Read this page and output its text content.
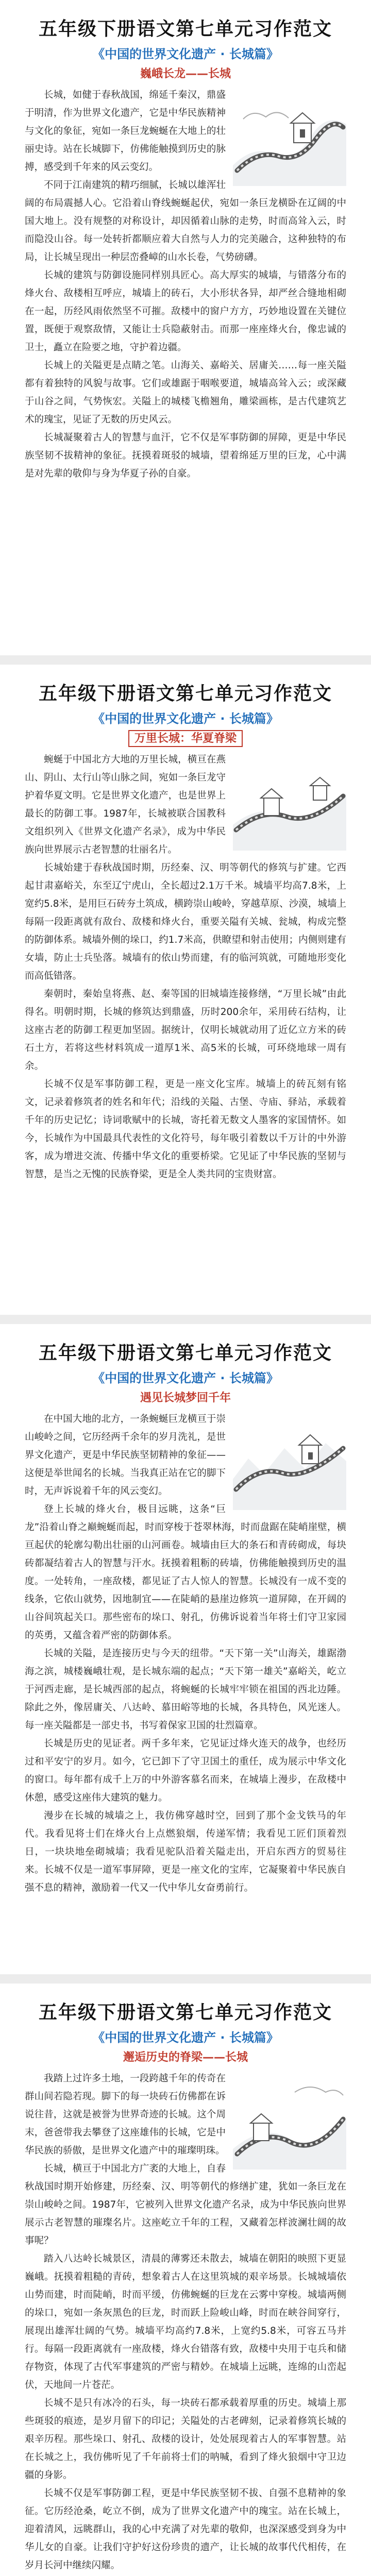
五年级下册语文第七单元习作范文
《中国的世界文化遗产 · 长城篇》
巍峨长龙——长城

长城，如健于春秋战国，绵延千秦汉，鼎盛于明清，作为世界文化遗产，它是中华民族精神与文化的象征，宛如一条巨龙蜿蜒在大地上的壮丽史诗。站在长城脚下，仿佛能触摸到历史的脉搏，感受到千年来的风云变幻。

不同于江南建筑的精巧细腻，长城以雄浑壮阔的布局震撼人心。它沿着山脊线蜿蜒起伏，宛如一条巨龙横卧在辽阔的中国大地上。没有规整的对称设计，却因循着山脉的走势，时而高耸入云，时而隐没山谷。每一处转折都顺应着大自然与人力的完美融合，这种独特的布局，让长城呈现出一种层峦叠嶂的山水长卷，气势磅礴。

长城的建筑与防御设施同样别具匠心。高大厚实的城墙，与错落分布的烽火台、敌楼相互呼应，城墙上的砖石，大小形状各异，却严丝合缝地相砌在一起，历经风雨依然坚不可摧。敌楼中的窗户方方，巧妙地设置在关键位置，既便于观察敌情，又能让士兵隐蔽射击。而那一座座烽火台，像忠诚的卫士，矗立在险要之地，守护着边疆。

长城上的关隘更是点睛之笔。山海关、嘉峪关、居庸关……每一座关隘都有着独特的风貌与故事。它们或雄踞于咽喉要道，城墙高耸入云；或深藏于山谷之间，气势恢宏。关隘上的城楼飞檐翘角，雕梁画栋，是古代建筑艺术的瑰宝，见证了无数的历史风云。

长城凝聚着古人的智慧与血汗，它不仅是军事防御的屏障，更是中华民族坚韧不拔精神的象征。抚摸着斑驳的城墙，望着绵延万里的巨龙，心中满是对先辈的敬仰与身为华夏子孙的自豪。

五年级下册语文第七单元习作范文
《中国的世界文化遗产 · 长城篇》
万里长城：华夏脊梁

蜿蜒于中国北方大地的万里长城，横亘在燕山、阴山、太行山等山脉之间，宛如一条巨龙守护着华夏文明。它是世界文化遗产，也是世界上最长的防御工事。1987年，长城被联合国教科文组织列入《世界文化遗产名录》，成为中华民族向世界展示古老智慧的壮丽名片。

长城始建于春秋战国时期，历经秦、汉、明等朝代的修筑与扩建。它西起甘肃嘉峪关，东至辽宁虎山，全长超过2.1万千米。城墙平均高7.8米，上宽约5.8米，是用巨石砖夯土筑成，横跨崇山峻岭，穿越草原、沙漠，城墙上每隔一段距离就有敌台、敌楼和烽火台，重要关隘有关城、瓮城，构成完整的防御体系。城墙外侧的垛口，约1.7米高，供瞭望和射击使用；内侧则建有女墙，防止士兵坠落。城墙有的依山势而建，有的临河筑就，可随地形变化而高低错落。

秦朝时，秦始皇将燕、赵、秦等国的旧城墙连接修缮，“万里长城”由此得名。明朝时期，长城的修筑达到鼎盛，历时200余年，采用砖石结构，让这座古老的防御工程更加坚固。据统计，仅明长城就动用了近亿立方米的砖石土方，若将这些材料筑成一道厚1米、高5米的长城，可环绕地球一周有余。

长城不仅是军事防御工程，更是一座文化宝库。城墙上的砖瓦刻有铭文，记录着修筑者的姓名和年代；沿线的关隘、古堡、寺庙、驿站，承载着千年的历史记忆；诗词歌赋中的长城，寄托着无数文人墨客的家国情怀。如今，长城作为中国最具代表性的文化符号，每年吸引着数以千万计的中外游客，成为增进交流、传播中华文化的重要桥梁。它见证了中华民族的坚韧与智慧，是当之无愧的民族脊梁，更是全人类共同的宝贵财富。

五年级下册语文第七单元习作范文
《中国的世界文化遗产 · 长城篇》
遇见长城梦回千年

在中国大地的北方，一条蜿蜒巨龙横亘于崇山峻岭之间，它历经两千余年的岁月洗礼，是世界文化遗产，更是中华民族坚韧精神的象征——这便是举世闻名的长城。当我真正站在它的脚下时，无声诉说着千年的风云变幻。

登上长城的烽火台，极目远眺，这条“巨龙”沿着山脊之巅蜿蜒而起，时而穿梭于苍翠林海，时而盘踞在陡峭崖壁，横亘起伏的轮廓勾勒出壮丽的山河画卷。城墙由巨大的条石和青砖砌成，每块砖都凝结着古人的智慧与汗水。抚摸着粗粝的砖墙，仿佛能触摸到历史的温度。一处转角，一座敌楼，都见证了古人惊人的智慧。长城没有一成不变的线条，它依山就势，因地制宜——在陡峭的悬崖边修筑一道屏障，在开阔的山谷间筑起关口。那些密布的垛口、射孔，仿佛诉说着当年将士们守卫家园的英勇，又蕴含着严密的防御体系。

长城的关隘，是连接历史与今天的纽带。“天下第一关”山海关，雄踞渤海之滨，城楼巍峨壮观，是长城东端的起点；“天下第一雄关”嘉峪关，屹立于河西走廊，是长城西部的起点，将蜿蜒的长城牢牢锁在祖国的西北边陲。除此之外，像居庸关、八达岭、慕田峪等地的长城，各具特色，风光迷人。每一座关隘都是一部史书，书写着保家卫国的壮烈篇章。

长城是历史的见证者。两千多年来，它见证过烽火连天的战争，也经历过和平安宁的岁月。如今，它已卸下了守卫国土的重任，成为展示中华文化的窗口。每年都有成千上万的中外游客慕名而来，在城墙上漫步，在敌楼中休憩，感受这座伟大建筑的魅力。

漫步在长城的城墙之上，我仿佛穿越时空，回到了那个金戈铁马的年代。我看见将士们在烽火台上点燃狼烟，传递军情；我看见工匠们顶着烈日，一块块地垒砌城墙；我看见驼队沿着关隘走出，开启东西方的贸易往来。长城不仅是一道军事屏障，更是一座文化的宝库，它凝聚着中华民族自强不息的精神，激励着一代又一代中华儿女奋勇前行。

五年级下册语文第七单元习作范文
《中国的世界文化遗产 · 长城篇》
邂逅历史的脊梁——长城

我踏上过许多土地，一段跨越千年的传奇在群山间若隐若现。脚下的每一块砖石仿佛都在诉说往昔，这就是被誉为世界奇迹的长城。这个周末，爸爸带我去攀登了这座雄伟的长城，它是中华民族的骄傲，是世界文化遗产中的璀璨明珠。

长城，横亘于中国北方广袤的大地上，自春秋战国时期开始修建，历经秦、汉、明等朝代的修缮扩建，犹如一条巨龙在崇山峻岭之间。1987年，它被列入世界文化遗产名录，成为中华民族向世界展示古老智慧的璀璨名片。这座屹立千年的工程，又藏着怎样波澜壮阔的故事呢？

踏入八达岭长城景区，清晨的薄雾还未散去，城墙在朝阳的映照下更显巍峨。抚摸着粗糙的青砖，想象着古人在这里筑城的艰辛场景。长城城墙依山势而建，时而陡峭，时而平缓，仿佛蜿蜒的巨龙在云雾中穿梭。城墙两侧的垛口，宛如一条灰黑色的巨龙，时而跃上险峻山峰，时而在峡谷间穿行，展现出雄浑壮阔的气势。城墙平均高约7.8米，上宽约5.8米，可容五马并行。每隔一段距离就有一座敌楼，烽火台错落有致，敌楼中央用于屯兵和储存物资，体现了古代军事建筑的严密与精妙。在城墙上远眺，连绵的山峦起伏，天地间一片苍茫。

长城不是只有冰冷的石头，每一块砖石都承载着厚重的历史。城墙上那些斑驳的痕迹，是岁月留下的印记；关隘处的古老碑刻，记录着修筑长城的艰辛历程。那些垛口、射孔、敌楼的设计，处处展现着古人的军事智慧。站在长城之上，我仿佛听见了千年前将士们的呐喊，看到了烽火狼烟中守卫边疆的身影。

长城不仅是军事防御工程，更是中华民族坚韧不拔、自强不息精神的象征。它历经沧桑，屹立不倒，成为了世界文化遗产中的瑰宝。站在长城上，迎着清风，远眺群山，我的心中充满了对先辈的敬仰，也深深感受到身为中华儿女的自豪。让我们守护好这份珍贵的遗产，让长城的故事代代相传，在岁月长河中继续闪耀。
